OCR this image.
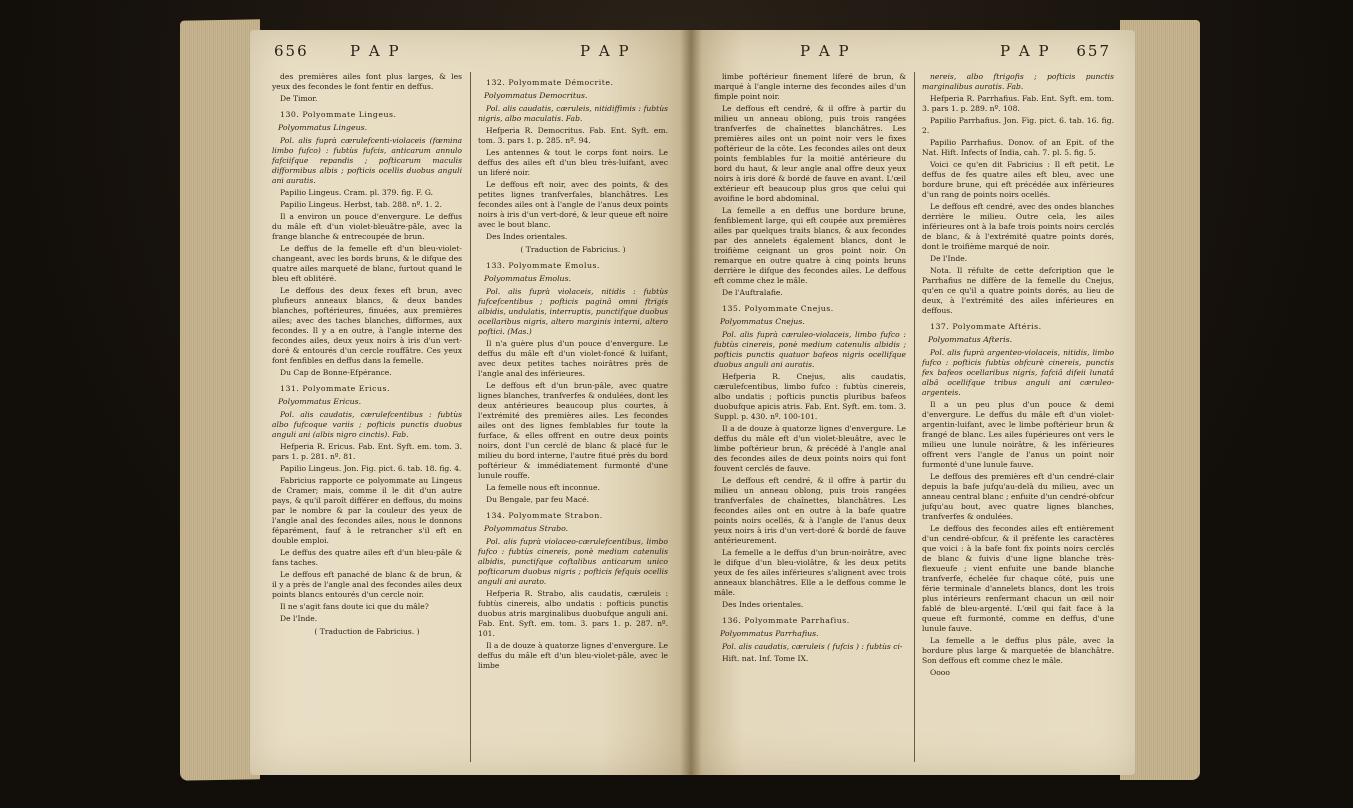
656	P A P	P A P

des premières ailes font plus larges, & les yeux des fecondes le font fentir en deffus.

De Timor.

130. Polyommate Lingeus.

Polyommatus Lingeus.

Pol. alis fuprà cærulefcenti-violaceis (fœmina limbo fufco) : fubtùs fufcis, anticarum annulo fafciifque repandis ; pofticarum maculis difformibus albis ; pofticis ocellis duobus anguli ani auratis.

Papilio Lingeus. Cram. pl. 379. fig. F. G.

Papilio Lingeus. Herbst, tab. 288. nº. 1. 2.

Il a environ un pouce d'envergure. Le deffus du mâle eft d'un violet-bleuâtre-pâle, avec la frange blanche & entrecoupée de brun.

Le deffus de la femelle eft d'un bleu-violet-changeant, avec les bords bruns, & le difque des quatre ailes marqueté de blanc, furtout quand le bleu eft oblitéré.

Le deffous des deux fexes eft brun, avec plufieurs anneaux blancs, & deux bandes blanches, poftérieures, finuées, aux premières ailes; avec des taches blanches, difformes, aux fecondes. Il y a en outre, à l'angle interne des fecondes ailes, deux yeux noirs à iris d'un vert-doré & entourés d'un cercle rouffâtre. Ces yeux font fenfibles en deffus dans la femelle.

Du Cap de Bonne-Efpérance.

131. Polyommate Ericus.

Polyommatus Ericus.

Pol. alis caudatis, cærulefcentibus : fubtùs albo fufcoque variis ; pofticis punctis duobus anguli ani (albis nigro cinctis). Fab.

Hefperia R. Ericus. Fab. Ent. Syft. em. tom. 3. pars 1. p. 281. nº. 81.

Papilio Lingeus. Jon. Fig. pict. 6. tab. 18. fig. 4.

Fabricius rapporte ce polyommate au Lingeus de Cramer; mais, comme il le dit d'un autre pays, & qu'il paroît différer en deffous, du moins par le nombre & par la couleur des yeux de l'angle anal des fecondes ailes, nous le donnons féparément, fauf à le retrancher s'il eft en double emploi.

Le deffus des quatre ailes eft d'un bleu-pâle & fans taches.

Le deffous eft panaché de blanc & de brun, & il y a près de l'angle anal des fecondes ailes deux points blancs entourés d'un cercle noir.

Il ne s'agit fans doute ici que du mâle?

De l'Inde.

( Traduction de Fabricius. )

132. Polyommate Démocrite.

Polyommatus Democritus.

Pol. alis caudatis, cæruleis, nitidiffimis : fubtùs nigris, albo maculatis. Fab.

Hefperia R. Democritus. Fab. Ent. Syft. em. tom. 3. pars 1. p. 285. nº. 94.

Les antennes & tout le corps font noirs. Le deffus des ailes eft d'un bleu très-luifant, avec un liferé noir.

Le deffous eft noir, avec des points, & des petites lignes tranfverfales, blanchâtres. Les fecondes ailes ont à l'angle de l'anus deux points noirs à iris d'un vert-doré, & leur queue eft noire avec le bout blanc.

Des Indes orientales.

( Traduction de Fabricius. )

133. Polyommate Emolus.

Polyommatus Emolus.

Pol. alis fuprà violaceis, nitidis : fubtùs fufcefcentibus ; pofticis paginâ omni ftrigis albidis, undulatis, interruptis, punctifque duobus ocellaribus nigris, altero marginis interni, altero poftici. (Mas.)

Il n'a guère plus d'un pouce d'envergure. Le deffus du mâle eft d'un violet-foncé & luifant, avec deux petites taches noirâtres près de l'angle anal des inférieures.

Le deffous eft d'un brun-pâle, avec quatre lignes blanches, tranfverfes & ondulées, dont les deux antérieures beaucoup plus courtes, à l'extrémité des premières ailes. Les fecondes ailes ont des lignes femblables fur toute la furface, & elles offrent en outre deux points noirs, dont l'un cerclé de blanc & placé fur le milieu du bord interne, l'autre fitué près du bord poftérieur & immédiatement furmonté d'une lunule rouffe.

La femelle nous eft inconnue.

Du Bengale, par feu Macé.

134. Polyommate Strabon.

Polyommatus Strabo.

Pol. alis fuprà violaceo-cærulefcentibus, limbo fufco : fubtùs cinereis, ponè medium catenulis albidis, punctifque coftalibus anticarum unico pofticarum duobus nigris ; pofticis fefquis ocellis anguli ani aurato.

Hefperia R. Strabo, alis caudatis, cæruleis : fubtùs cinereis, albo undatis : pofticis punctis duobus atris marginalibus duobufque anguli ani. Fab. Ent. Syft. em. tom. 3. pars 1. p. 287. nº. 101.

Il a de douze à quatorze lignes d'envergure. Le deffus du mâle eft d'un bleu-violet-pâle, avec le limbe

P A P	P A P 657

limbe poftérieur finement liferé de brun, & marqué à l'angle interne des fecondes ailes d'un fimple point noir.

Le deffous eft cendré, & il offre à partir du milieu un anneau oblong, puis trois rangées tranfverfes de chaînettes blanchâtres. Les premières ailes ont un point noir vers le fixes poftérieur de la côte. Les fecondes ailes ont deux points femblables fur la moitié antérieure du bord du haut, & leur angle anal offre deux yeux noirs à iris doré & bordé de fauve en avant. L'œil extérieur eft beaucoup plus gros que celui qui avoifine le bord abdominal.

La femelle a en deffus une bordure brune, fenfiblement large, qui eft coupée aux premières ailes par quelques traits blancs, & aux fecondes par des annelets également blancs, dont le troifième ceignant un gros point noir. On remarque en outre quatre à cinq points bruns derrière le difque des fecondes ailes. Le deffous eft comme chez le mâle.

De l'Auftralafie.

135. Polyommate Cnejus.

Polyommatus Cnejus.

Pol. alis fuprà cæruleo-violaceis, limbo fufco : fubtùs cinereis, ponè medium catenulis albidis ; pofticis punctis quatuor bafeos nigris ocellifque duobus anguli ani auratis.

Hefperia R. Cnejus, alis caudatis, cærulefcentibus, limbo fufco : fubtùs cinereis, albo undatis ; pofticis punctis pluribus bafeos duobufque apicis atris. Fab. Ent. Syft. em. tom. 3. Suppl. p. 430. nº. 100-101.

Il a de douze à quatorze lignes d'envergure. Le deffus du mâle eft d'un violet-bleuâtre, avec le limbe poftérieur brun, & précédé à l'angle anal des fecondes ailes de deux points noirs qui font fouvent cerclés de fauve.

Le deffous eft cendré, & il offre à partir du milieu un anneau oblong, puis trois rangées tranfverfales de chaînettes, blanchâtres. Les fecondes ailes ont en outre à la bafe quatre points noirs ocellés, & à l'angle de l'anus deux yeux noirs à iris d'un vert-doré & bordé de fauve antérieurement.

La femelle a le deffus d'un brun-noirâtre, avec le difque d'un bleu-violâtre, & les deux petits yeux de fes ailes inférieures s'alignent avec trois anneaux blanchâtres. Elle a le deffous comme le mâle.

Des Indes orientales.

136. Polyommate Parrhafius.

Polyommatus Parrhafius.

Pol. alis caudatis, cæruleis ( fufcis ) : fubtùs ci-

Hift. nat. Inf. Tome IX.

nereis, albo ftrigofis ; pofticis punctis marginalibus auratis. Fab.

Hefperia R. Parrhafius. Fab. Ent. Syft. em. tom. 3. pars 1. p. 289. nº. 108.

Papilio Parrhafius. Jon. Fig. pict. 6. tab. 16. fig. 2.

Papilio Parrhafius. Donov. of an Epit. of the Nat. Hift. Infects of India, cah. 7. pl. 5. fig. 5.

Voici ce qu'en dit Fabricius : Il eft petit. Le deffus de fes quatre ailes eft bleu, avec une bordure brune, qui eft précédée aux inférieures d'un rang de points noirs ocellés.

Le deffous eft cendré, avec des ondes blanches derrière le milieu. Outre cela, les ailes inférieures ont à la bafe trois points noirs cerclés de blanc, & à l'extrémité quatre points dorés, dont le troifième marqué de noir.

De l'Inde.

Nota. Il réfulte de cette defcription que le Parrhafius ne diffère de la femelle du Cnejus, qu'en ce qu'il a quatre points dorés, au lieu de deux, à l'extrémité des ailes inférieures en deffous.

137. Polyommate Aftéris.

Polyommatus Afteris.

Pol. alis fuprà argenteo-violaceis, nitidis, limbo fufco : pofticis fubtùs obfcurè cinereis, punctis fex bafeos ocellaribus nigris, fafciâ difeii lunatâ albâ ocellifque tribus anguli ani cæruleo-argenteis.

Il a un peu plus d'un pouce & demi d'envergure. Le deffus du mâle eft d'un violet-argentin-luifant, avec le limbe poftérieur brun & frangé de blanc. Les ailes fupérieures ont vers le milieu une lunule noirâtre, & les inférieures offrent vers l'angle de l'anus un point noir furmonté d'une lunule fauve.

Le deffous des premières eft d'un cendré-clair depuis la bafe jufqu'au-delà du milieu, avec un anneau central blanc ; enfuite d'un cendré-obfcur jufqu'au bout, avec quatre lignes blanches, tranfverfes & ondulées.

Le deffous des fecondes ailes eft entièrement d'un cendré-obfcur, & il préfente les caractères que voici : à la bafe font fix points noirs cerclés de blanc & fuivis d'une ligne blanche très-flexueufe ; vient enfuite une bande blanche tranfverfe, échelée fur chaque côté, puis une férie terminale d'annelets blancs, dont les trois plus intérieurs renfermant chacun un œil noir fablé de bleu-argenté. L'œil qui fait face à la queue eft furmonté, comme en deffus, d'une lunule fauve.

La femelle a le deffus plus pâle, avec la bordure plus large & marquetée de blanchâtre. Son deffous eft comme chez le mâle.

Oooo
